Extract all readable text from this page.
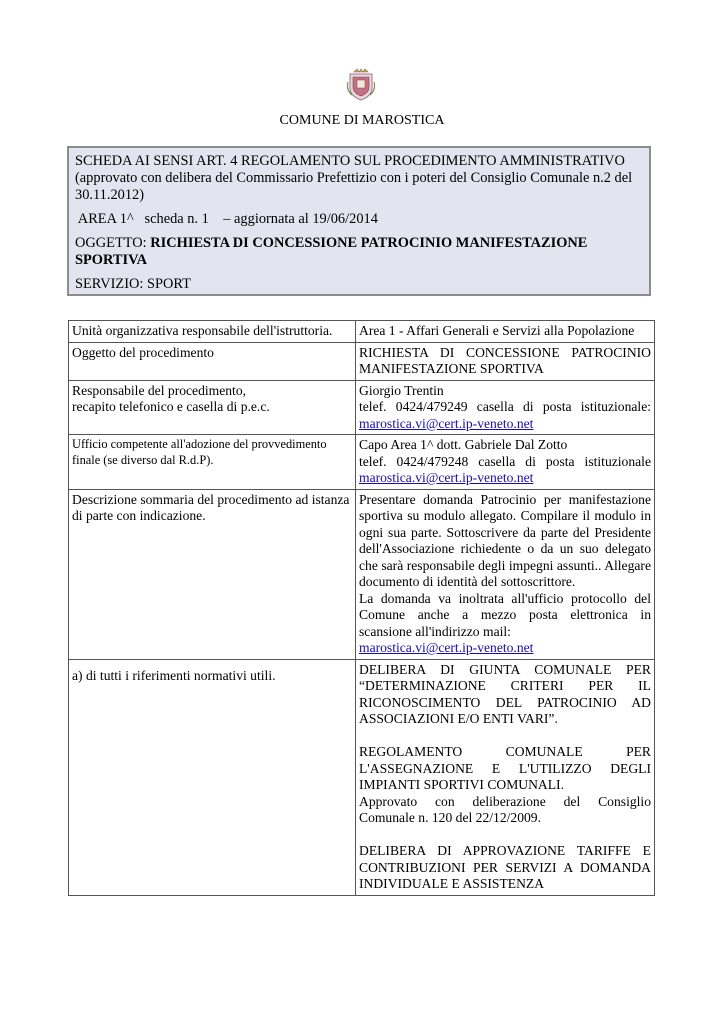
COMUNE DI MAROSTICA

SCHEDA AI SENSI ART. 4 REGOLAMENTO SUL PROCEDIMENTO AMMINISTRATIVO (approvato con delibera del Commissario Prefettizio con i poteri del Consiglio Comunale n.2 del 30.11.2012)

AREA 1^   scheda n. 1    – aggiornata al 19/06/2014

OGGETTO: RICHIESTA DI CONCESSIONE PATROCINIO MANIFESTAZIONE SPORTIVA

SERVIZIO: SPORT

Unità organizzativa responsabile dell'istruttoria.	Area 1 - Affari Generali e Servizi alla Popolazione
Oggetto del procedimento	RICHIESTA DI CONCESSIONE PATROCINIO MANIFESTAZIONE SPORTIVA
Responsabile del procedimento,
recapito telefonico e casella di p.e.c.	Giorgio Trentin

telef. 0424/479249 casella di posta istituzionale:
marostica.vi@cert.ip-veneto.net
Ufficio competente all'adozione del provvedimento finale (se diverso dal R.d.P).	Capo Area 1^ dott. Gabriele Dal Zotto

telef. 0424/479248 casella di posta istituzionale
marostica.vi@cert.ip-veneto.net
Descrizione sommaria del procedimento ad istanza di parte con indicazione.	Presentare domanda Patrocinio per manifestazione sportiva su modulo allegato. Compilare il modulo in ogni sua parte. Sottoscrivere da parte del Presidente dell'Associazione richiedente o da un suo delegato che sarà responsabile degli impegni assunti.. Allegare documento di identità del sottoscrittore.
La domanda va inoltrata all'ufficio protocollo del Comune anche a mezzo posta elettronica in scansione all'indirizzo mail:
marostica.vi@cert.ip-veneto.net
a) di tutti i riferimenti normativi utili.	DELIBERA DI GIUNTA COMUNALE PER “DETERMINAZIONE CRITERI PER IL RICONOSCIMENTO DEL PATROCINIO AD ASSOCIAZIONI E/O ENTI VARI”.
REGOLAMENTO COMUNALE PER L'ASSEGNAZIONE E L'UTILIZZO DEGLI IMPIANTI SPORTIVI COMUNALI.
Approvato con deliberazione del Consiglio Comunale n. 120 del 22/12/2009.
DELIBERA DI APPROVAZIONE TARIFFE E CONTRIBUZIONI PER SERVIZI A DOMANDA INDIVIDUALE E ASSISTENZA
